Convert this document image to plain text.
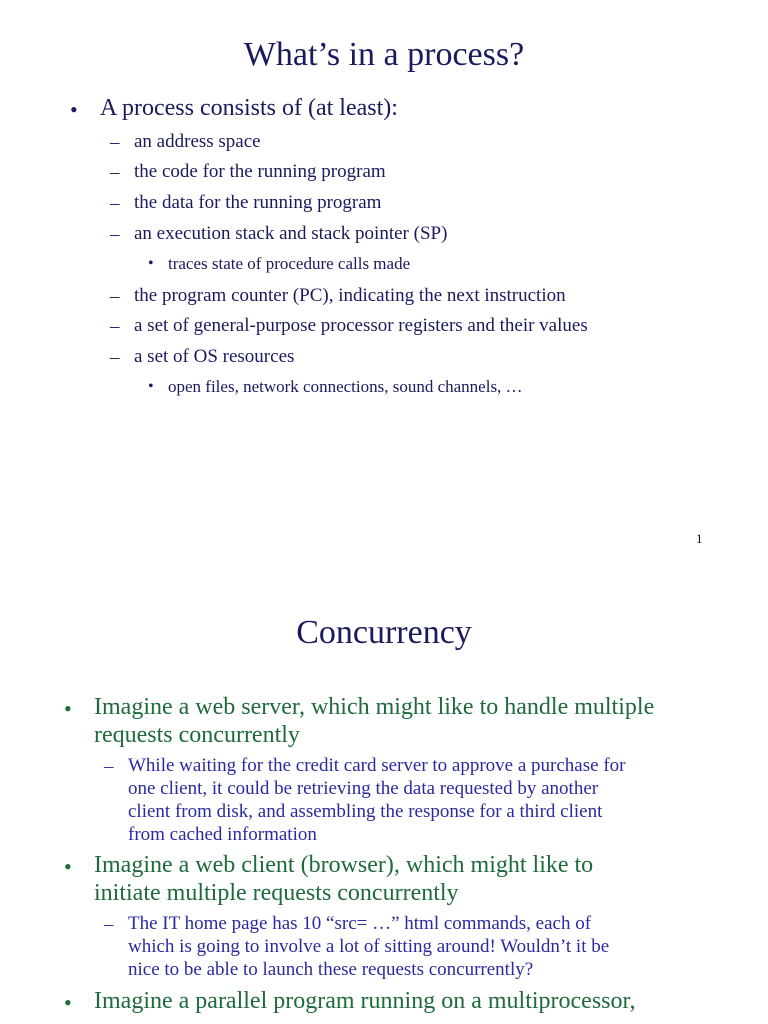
What’s in a process?
• A process consists of (at least):
– an address space
– the code for the running program
– the data for the running program
– an execution stack and stack pointer (SP)
• traces state of procedure calls made
– the program counter (PC), indicating the next instruction
– a set of general-purpose processor registers and their values
– a set of OS resources
• open files, network connections, sound channels, …
1
Concurrency
• Imagine a web server, which might like to handle multiple
requests concurrently
– While waiting for the credit card server to approve a purchase for
one client, it could be retrieving the data requested by another
client from disk, and assembling the response for a third client
from cached information
• Imagine a web client (browser), which might like to
initiate multiple requests concurrently
– The IT home page has 10 “src= …” html commands, each of
which is going to involve a lot of sitting around! Wouldn’t it be
nice to be able to launch these requests concurrently?
• Imagine a parallel program running on a multiprocessor,
